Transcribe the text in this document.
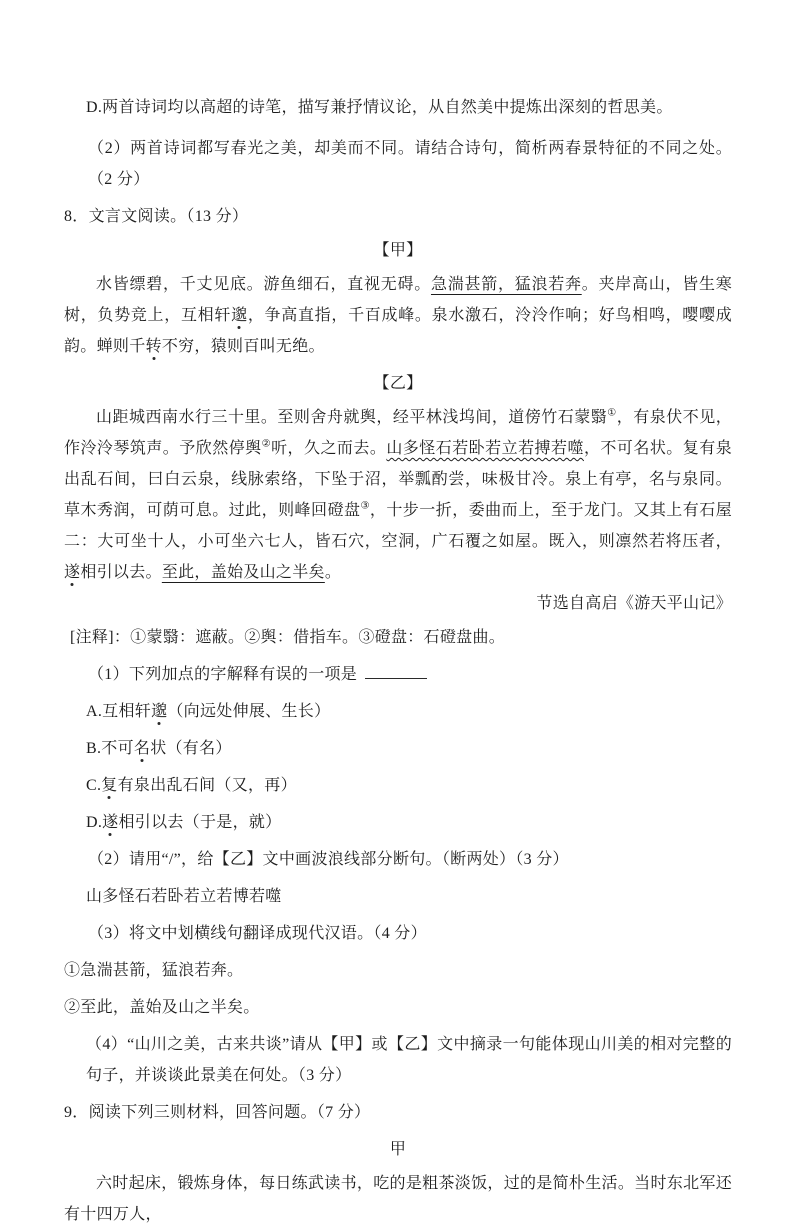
D.两首诗词均以高超的诗笔，描写兼抒情议论，从自然美中提炼出深刻的哲思美。
（2）两首诗词都写春光之美，却美而不同。请结合诗句，简析两春景特征的不同之处。（2 分）
8．文言文阅读。（13 分）
【甲】

水皆缥碧，千丈见底。游鱼细石，直视无碍。急湍甚箭，猛浪若奔。夹岸高山，皆生寒树，负势竞上，互相轩邈，争高直指，千百成峰。泉水激石，泠泠作响；好鸟相鸣，嘤嘤成韵。蝉则千转不穷，猿则百叫无绝。

【乙】

山距城西南水行三十里。至则舍舟就舆，经平林浅坞间，道傍竹石蒙翳①，有泉伏不见，作泠泠琴筑声。予欣然停舆②听，久之而去。山多怪石若卧若立若搏若噬，不可名状。复有泉出乱石间，曰白云泉，线脉索络，下坠于沼，举瓢酌尝，味极甘冷。泉上有亭，名与泉同。草木秀润，可荫可息。过此，则峰回磴盘③，十步一折，委曲而上，至于龙门。又其上有石屋二：大可坐十人，小可坐六七人，皆石穴，空洞，广石覆之如屋。既入，则凛然若将压者，遂相引以去。至此，盖始及山之半矣。

节选自高启《游天平山记》
[注释]：①蒙翳：遮蔽。②舆：借指车。③磴盘：石磴盘曲。
（1）下列加点的字解释有误的一项是
A.互相轩邈（向远处伸展、生长）
B.不可名状（有名）
C.复有泉出乱石间（又，再）
D.遂相引以去（于是，就）
（2）请用“/”，给【乙】文中画波浪线部分断句。（断两处）（3 分）
山多怪石若卧若立若博若噬
（3）将文中划横线句翻译成现代汉语。（4 分）
①急湍甚箭，猛浪若奔。
②至此，盖始及山之半矣。

（4）“山川之美，古来共谈”请从【甲】或【乙】文中摘录一句能体现山川美的相对完整的句子，并谈谈此景美在何处。（3 分）

9．阅读下列三则材料，回答问题。（7 分）
甲

六时起床，锻炼身体，每日练武读书，吃的是粗茶淡饭，过的是简朴生活。当时东北军还有十四万人，
